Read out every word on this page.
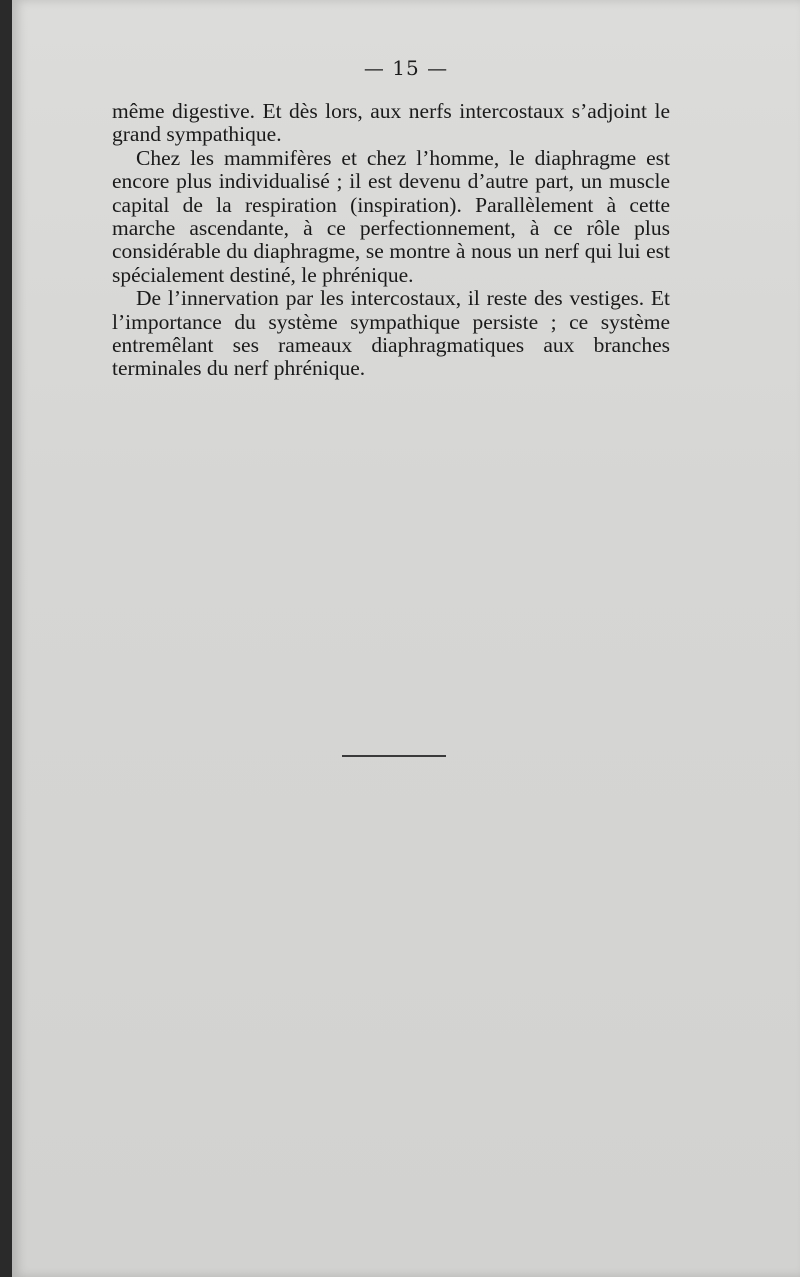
— 15 —

même digestive. Et dès lors, aux nerfs intercostaux s’adjoint le grand sympathique.

Chez les mammifères et chez l’homme, le diaphragme est encore plus individualisé ; il est devenu d’autre part, un muscle capital de la respiration (inspiration). Parallèlement à cette marche ascendante, à ce perfectionnement, à ce rôle plus considérable du diaphragme, se montre à nous un nerf qui lui est spécialement destiné, le phrénique.

De l’innervation par les intercostaux, il reste des vestiges. Et l’importance du système sympathique persiste ; ce système entremêlant ses rameaux diaphragmatiques aux branches terminales du nerf phrénique.
